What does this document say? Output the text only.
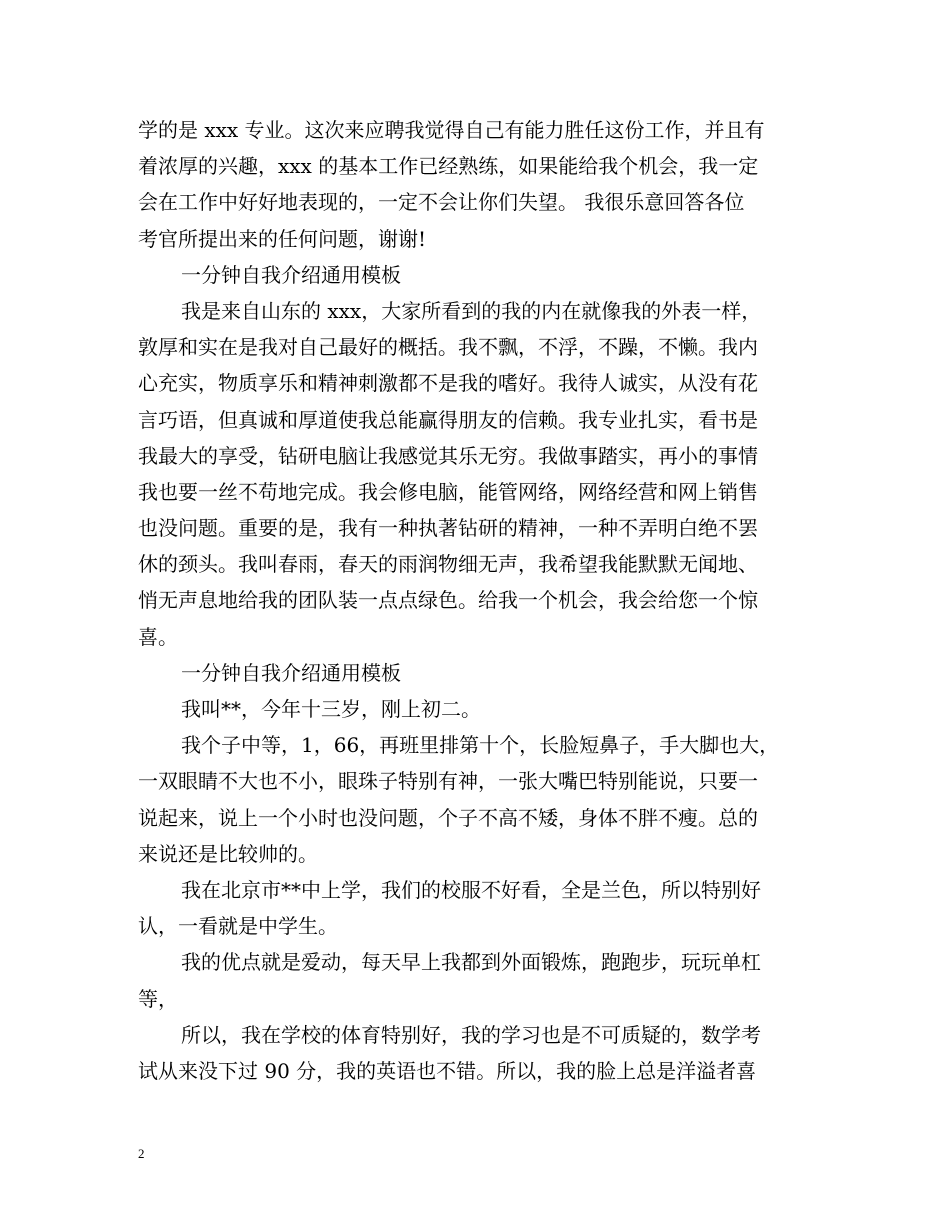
学的是 xxx 专业。这次来应聘我觉得自己有能力胜任这份工作，并且有
着浓厚的兴趣，xxx 的基本工作已经熟练，如果能给我个机会，我一定
会在工作中好好地表现的，一定不会让你们失望。 我很乐意回答各位
考官所提出来的任何问题，谢谢!
一分钟自我介绍通用模板
我是来自山东的 xxx，大家所看到的我的内在就像我的外表一样，
敦厚和实在是我对自己最好的概括。我不飘，不浮，不躁，不懒。我内
心充实，物质享乐和精神刺激都不是我的嗜好。我待人诚实，从没有花
言巧语，但真诚和厚道使我总能赢得朋友的信赖。我专业扎实，看书是
我最大的享受，钻研电脑让我感觉其乐无穷。我做事踏实，再小的事情
我也要一丝不苟地完成。我会修电脑，能管网络，网络经营和网上销售
也没问题。重要的是，我有一种执著钻研的精神，一种不弄明白绝不罢
休的颈头。我叫春雨，春天的雨润物细无声，我希望我能默默无闻地、
悄无声息地给我的团队装一点点绿色。给我一个机会，我会给您一个惊
喜。
一分钟自我介绍通用模板
我叫**，今年十三岁，刚上初二。
我个子中等，1，66，再班里排第十个，长脸短鼻子，手大脚也大，
一双眼睛不大也不小，眼珠子特别有神，一张大嘴巴特别能说，只要一
说起来，说上一个小时也没问题，个子不高不矮，身体不胖不瘦。总的
来说还是比较帅的。
我在北京市**中上学，我们的校服不好看，全是兰色，所以特别好
认，一看就是中学生。
我的优点就是爱动，每天早上我都到外面锻炼，跑跑步，玩玩单杠
等，
所以，我在学校的体育特别好，我的学习也是不可质疑的，数学考
试从来没下过 90 分，我的英语也不错。所以，我的脸上总是洋溢者喜
2
